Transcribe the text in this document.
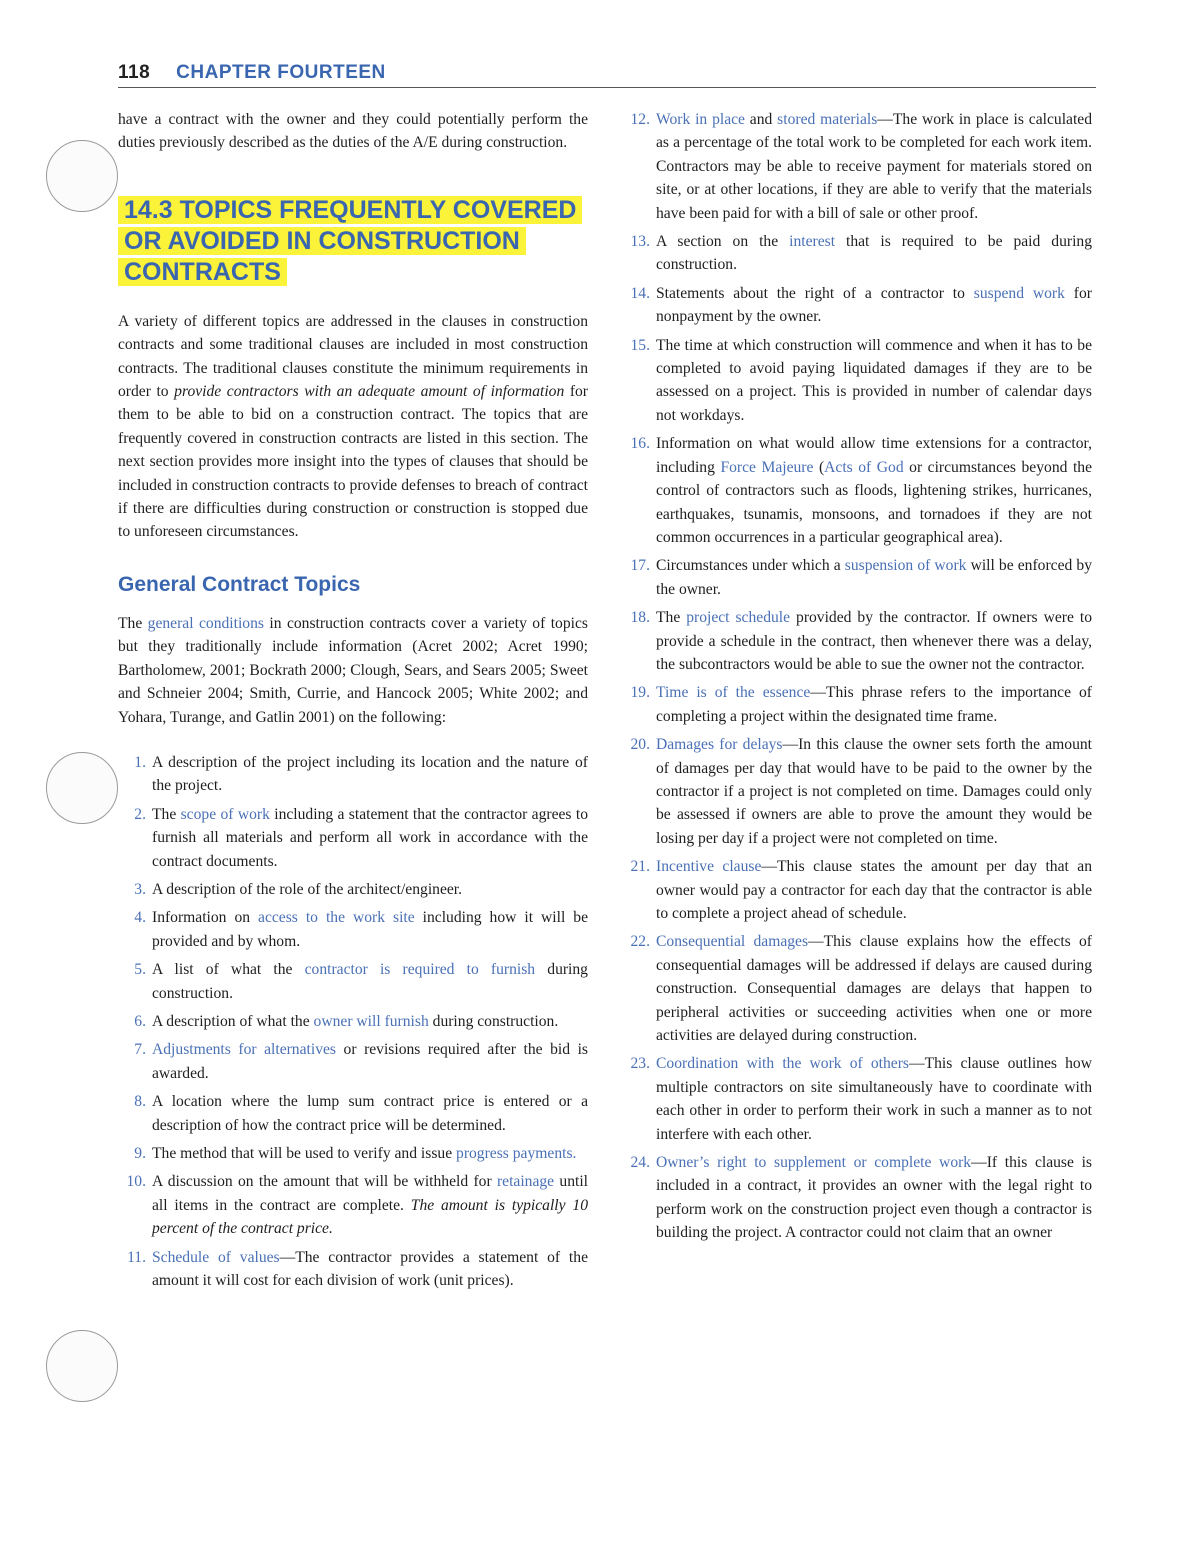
118 CHAPTER FOURTEEN

have a contract with the owner and they could potentially perform the duties previously described as the duties of the A/E during construction.

14.3 TOPICS FREQUENTLY COVERED OR AVOIDED IN CONSTRUCTION CONTRACTS

A variety of different topics are addressed in the clauses in construction contracts and some traditional clauses are included in most construction contracts. The traditional clauses constitute the minimum requirements in order to provide contractors with an adequate amount of information for them to be able to bid on a construction contract. The topics that are frequently covered in construction contracts are listed in this section. The next section provides more insight into the types of clauses that should be included in construction contracts to provide defenses to breach of contract if there are difficulties during construction or construction is stopped due to unforeseen circumstances.

General Contract Topics

The general conditions in construction contracts cover a variety of topics but they traditionally include information (Acret 2002; Acret 1990; Bartholomew, 2001; Bockrath 2000; Clough, Sears, and Sears 2005; Sweet and Schneier 2004; Smith, Currie, and Hancock 2005; White 2002; and Yohara, Turange, and Gatlin 2001) on the following:

1. A description of the project including its location and the nature of the project.
2. The scope of work including a statement that the contractor agrees to furnish all materials and perform all work in accordance with the contract documents.
3. A description of the role of the architect/engineer.
4. Information on access to the work site including how it will be provided and by whom.
5. A list of what the contractor is required to furnish during construction.
6. A description of what the owner will furnish during construction.
7. Adjustments for alternatives or revisions required after the bid is awarded.
8. A location where the lump sum contract price is entered or a description of how the contract price will be determined.
9. The method that will be used to verify and issue progress payments.
10. A discussion on the amount that will be withheld for retainage until all items in the contract are complete. The amount is typically 10 percent of the contract price.
11. Schedule of values—The contractor provides a statement of the amount it will cost for each division of work (unit prices).
12. Work in place and stored materials—The work in place is calculated as a percentage of the total work to be completed for each work item. Contractors may be able to receive payment for materials stored on site, or at other locations, if they are able to verify that the materials have been paid for with a bill of sale or other proof.
13. A section on the interest that is required to be paid during construction.
14. Statements about the right of a contractor to suspend work for nonpayment by the owner.
15. The time at which construction will commence and when it has to be completed to avoid paying liquidated damages if they are to be assessed on a project. This is provided in number of calendar days not workdays.
16. Information on what would allow time extensions for a contractor, including Force Majeure (Acts of God or circumstances beyond the control of contractors such as floods, lightening strikes, hurricanes, earthquakes, tsunamis, monsoons, and tornadoes if they are not common occurrences in a particular geographical area).
17. Circumstances under which a suspension of work will be enforced by the owner.
18. The project schedule provided by the contractor. If owners were to provide a schedule in the contract, then whenever there was a delay, the subcontractors would be able to sue the owner not the contractor.
19. Time is of the essence—This phrase refers to the importance of completing a project within the designated time frame.
20. Damages for delays—In this clause the owner sets forth the amount of damages per day that would have to be paid to the owner by the contractor if a project is not completed on time. Damages could only be assessed if owners are able to prove the amount they would be losing per day if a project were not completed on time.
21. Incentive clause—This clause states the amount per day that an owner would pay a contractor for each day that the contractor is able to complete a project ahead of schedule.
22. Consequential damages—This clause explains how the effects of consequential damages will be addressed if delays are caused during construction. Consequential damages are delays that happen to peripheral activities or succeeding activities when one or more activities are delayed during construction.
23. Coordination with the work of others—This clause outlines how multiple contractors on site simultaneously have to coordinate with each other in order to perform their work in such a manner as to not interfere with each other.
24. Owner’s right to supplement or complete work—If this clause is included in a contract, it provides an owner with the legal right to perform work on the construction project even though a contractor is building the project. A contractor could not claim that an owner
